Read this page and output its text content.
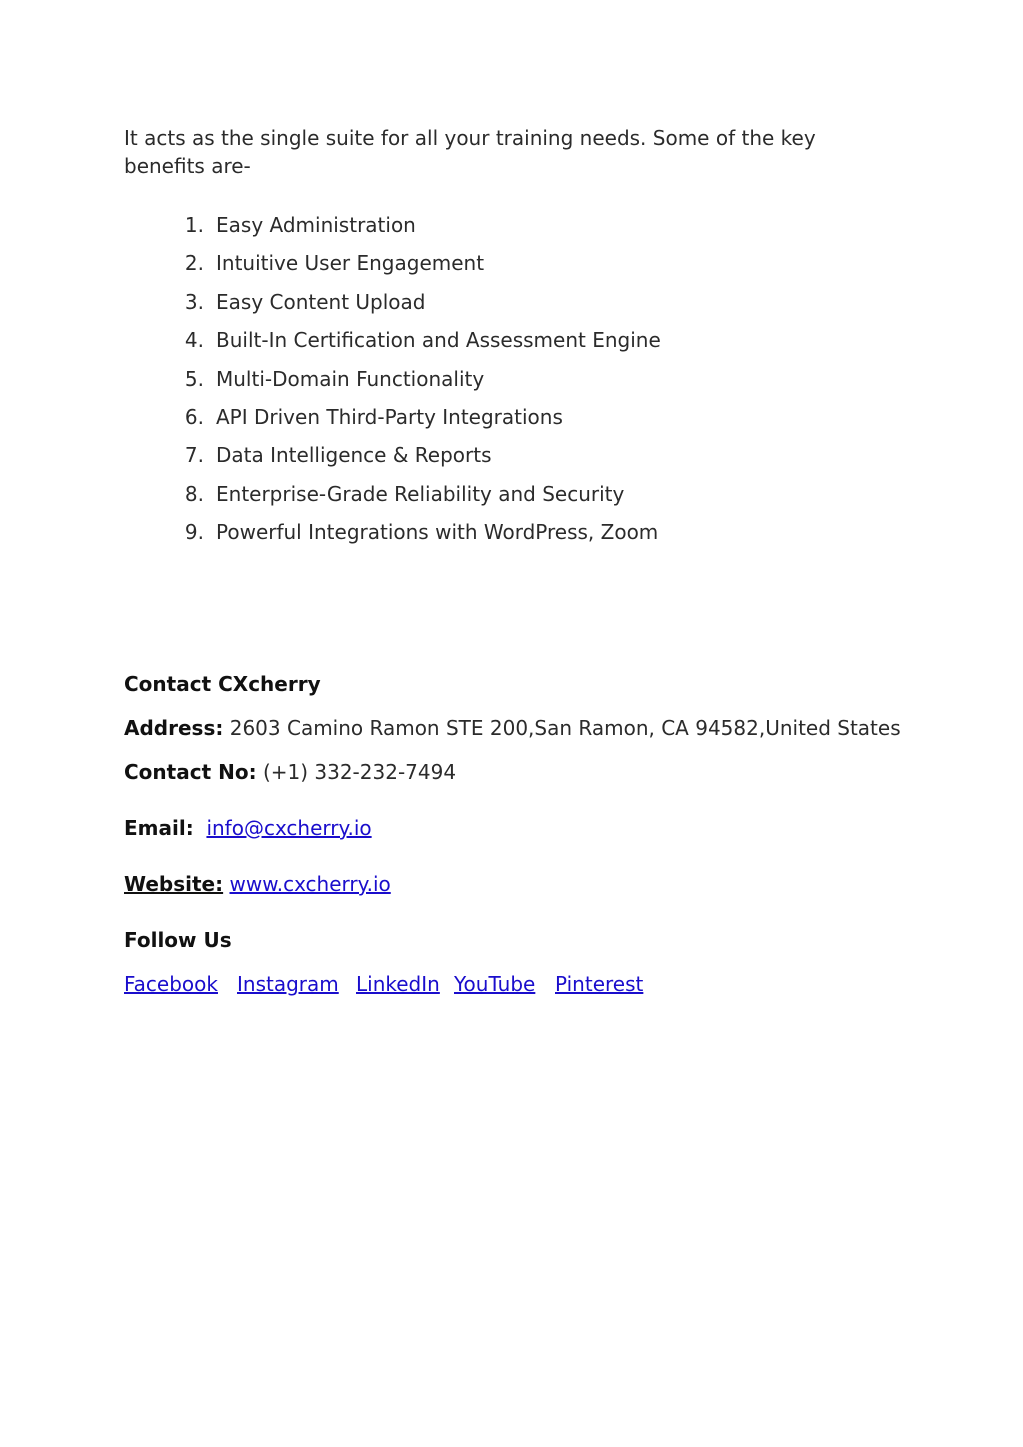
It acts as the single suite for all your training needs. Some of the key benefits are-

1. Easy Administration
2. Intuitive User Engagement
3. Easy Content Upload
4. Built-In Certification and Assessment Engine
5. Multi-Domain Functionality
6. API Driven Third-Party Integrations
7. Data Intelligence & Reports
8. Enterprise-Grade Reliability and Security
9. Powerful Integrations with WordPress, Zoom
Contact CXcherry
Address: 2603 Camino Ramon STE 200,San Ramon, CA 94582,United States
Contact No: (+1) 332-232-7494
Email: info@cxcherry.io
Website: www.cxcherry.io
Follow Us
Facebook Instagram LinkedIn YouTube Pinterest
